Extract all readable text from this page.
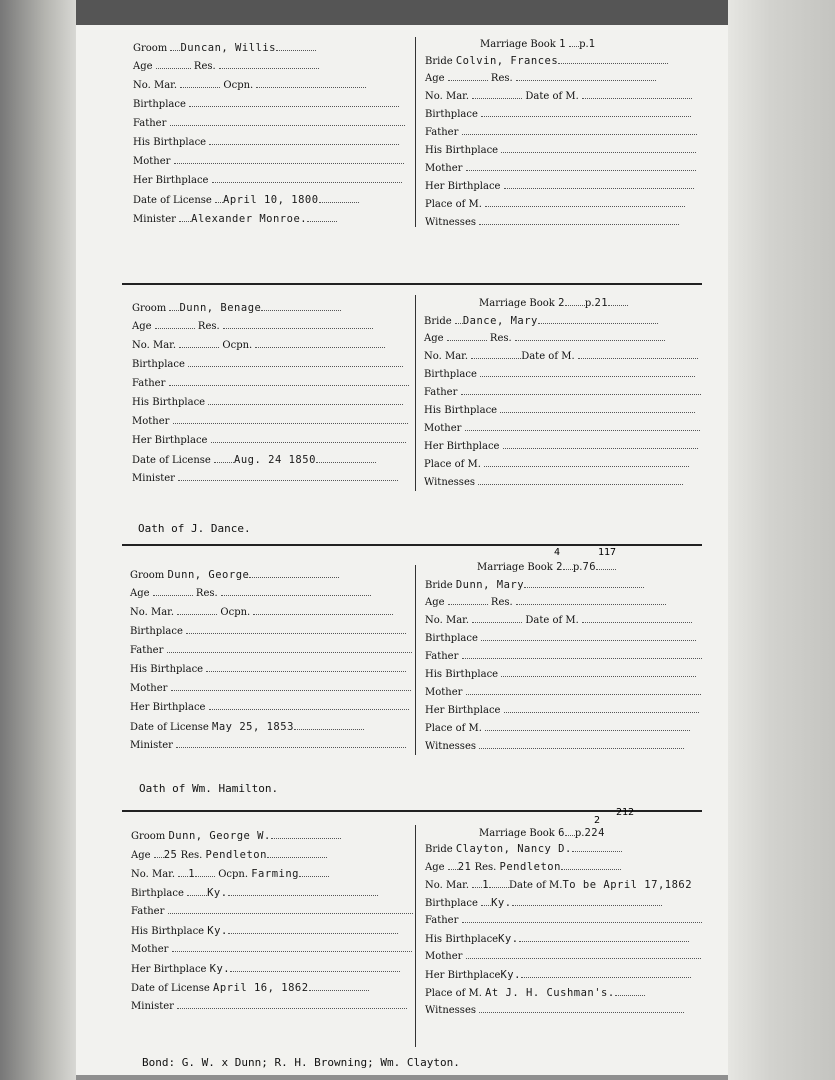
Groom Duncan, Willis
Age	Res.
No. Mar.	Ocpn.
Birthplace
Father
His Birthplace
Mother
Her Birthplace
Date of License April 10, 1800
Minister Alexander Monroe.
Marriage Book 1 p.1
Bride Colvin, Frances
Age	Res.
No. Mar.	Date of M.
Birthplace
Father
His Birthplace
Mother
Her Birthplace
Place of M.
Witnesses
Groom Dunn, Benage
Age	Res.
No. Mar.	Ocpn.
Birthplace
Father
His Birthplace
Mother
Her Birthplace
Date of License Aug. 24 1850
Minister
Marriage Book 2 p.21
Bride Dance, Mary
Age	Res.
No. Mar.	Date of M.
Birthplace
Father
His Birthplace
Mother
Her Birthplace
Place of M.
Witnesses
Oath of J. Dance.
Groom Dunn, George
Age	Res.
No. Mar.	Ocpn.
Birthplace
Father
His Birthplace
Mother
Her Birthplace
Date of License May 25, 1853
Minister
4	117
Marriage Book 2 p.76
Bride Dunn, Mary
Age	Res.
No. Mar.	Date of M.
Birthplace
Father
His Birthplace
Mother
Her Birthplace
Place of M.
Witnesses
Oath of Wm. Hamilton.
Groom Dunn, George W.
Age 25 Res. Pendleton
No. Mar. 1 Ocpn. Farming
Birthplace Ky.
Father
His Birthplace Ky.
Mother
Her Birthplace Ky.
Date of License April 16, 1862
Minister
2
212
Marriage Book 6 p.224
Bride Clayton, Nancy D.
Age 21 Res. Pendleton
No. Mar. 1 Date of M.To be April 17,1862
Birthplace Ky.
Father
His BirthplaceKy.
Mother
Her BirthplaceKy.
Place of M. At J. H. Cushman's.
Witnesses
Bond: G. W. x Dunn; R. H. Browning; Wm. Clayton.
